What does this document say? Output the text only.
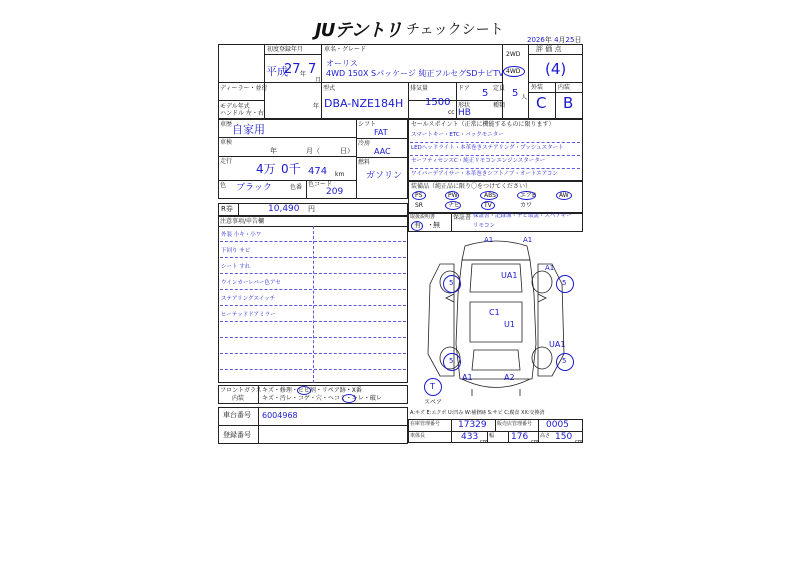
JUテントリ チェックシート
2026年 4月25日
初度登録年月
平成
27 年 7
月
車名・グレード
オーリス
4WD 150X Sパッケージ 純正フルセグSDナビTV
2WD
4WD
評 価 点
(4)
ディーラー・並行
モデル年式	年
ハンドル 左・右
型式
DBA-NZE184H
排気量
1500
cc
ドア 5
形状
HB
定員 5 人
種類
外装 内装
C B
車歴 自家用
車検
年	月（	日）
走行
4万 0千 474 km
色 ブラック	色番 色コード
209
シフト
FAT
冷房
AAC
燃料
ガソリン
R券	10,490 円
セールスポイント（正常に機能するものに限ります）
スマートキー・ETC・バックモニター
LEDヘッドライト・本革巻きステアリング・プッシュスタート
セーフティセンスC・純正リモコンエンジンスターター
ワイパーデアイサー・本革巻きシフトノブ・オートエアコン
装備品（純正品に限り〇をつけてください）
PS	PW	ABS	エアB	AW
SR	ナビ	TV	カワ
取扱説明書
有 ・ 無
保証書 保証書・記録簿・ナビ取説・スペアキー
リモコン
注意事項/申告欄
外装 小キ・小ワ
下回り サビ
シート すれ
ウインカーレバー色アセ
ステアリングスイッチ
ヒーテッドドアミラー
フロントガラス
内装
キズ・修理・ヒビ割・リペア跡・X番
キズ・汚レ・コゲ・穴・ヘコミ・キレ・破レ
車台番号 6004968
登録番号
A1	A1
UA1
A1
5	5
C1
U1
5	5
UA1
A1	A2
T
スペア
A:キズ E:エクボ U:凹み W:補修跡 S:サビ C:腐食 XX:交換済
在庫管理番号 17329 販売店管理番号 0005
車体長	433 cm
幅 176 cm
高さ 150 cm
